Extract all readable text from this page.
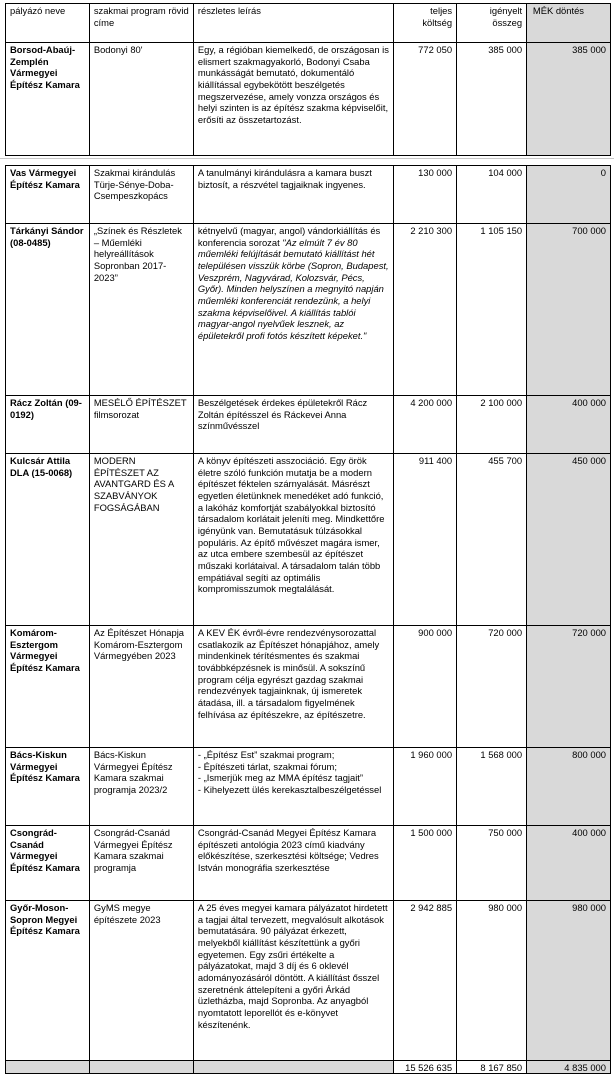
pályázó neve	szakmai program rövid címe	részletes leírás	teljes költség	igényelt összeg	MÉK döntés
Borsod-Abaúj-Zemplén Vármegyei Építész Kamara	Bodonyi 80'	Egy, a régióban kiemelkedő, de országosan is elismert szakmagyakorló, Bodonyi Csaba munkásságát bemutató, dokumentáló kiállítással egybekötött beszélgetés megszervezése, amely vonzza országos és helyi szinten is az építész szakma képviselőit, erősíti az összetartozást.	772 050	385 000	385 000
Vas Vármegyei Építész Kamara	Szakmai kirándulás Türje-Sénye-Doba-Csempeszkopács	A tanulmányi kirándulásra a kamara buszt biztosít, a részvétel tagjaiknak ingyenes.	130 000	104 000	0
Tárkányi Sándor (08-0485)	„Színek és Részletek – Műemléki helyreállítások Sopronban 2017-2023”	kétnyelvű (magyar, angol) vándorkiállítás és konferencia sorozat "Az elmúlt 7 év 80 műemléki felújítását bemutató kiállítást hét településen visszük körbe (Sopron, Budapest, Veszprém, Nagyvárad, Kolozsvár, Pécs, Győr). Minden helyszínen a megnyitó napján műemléki konferenciát rendezünk, a helyi szakma képviselőivel. A kiállítás tablói magyar-angol nyelvűek lesznek, az épületekről profi fotós készített képeket."	2 210 300	1 105 150	700 000
Rácz Zoltán (09-0192)	MESÉLŐ ÉPÍTÉSZET filmsorozat	Beszélgetések érdekes épületekről Rácz Zoltán építésszel és Ráckevei Anna színművésszel	4 200 000	2 100 000	400 000
Kulcsár Attila DLA (15-0068)	MODERN ÉPÍTÉSZET AZ AVANTGARD ÉS A SZABVÁNYOK FOGSÁGÁBAN	A könyv építészeti asszociáció. Egy örök életre szóló funkción mutatja be a modern építészet féktelen szárnyalását. Másrészt egyetlen életünknek menedéket adó funkció, a lakóház komfortját szabályokkal biztosító társadalom korlátait jeleníti meg. Mindkettőre igényünk van. Bemutatásuk túlzásokkal populáris. Az építő művészet magára ismer, az utca embere szembesül az építészet műszaki korlátaival. A társadalom talán több empátiával segíti az optimális kompromisszumok megtalálását.	911 400	455 700	450 000
Komárom-Esztergom Vármegyei Építész Kamara	Az Építészet Hónapja Komárom-Esztergom Vármegyében 2023	A KEV ÉK évről-évre rendezvénysorozattal csatlakozik az Építészet hónapjához, amely mindenkinek térítésmentes és szakmai továbbképzésnek is minősül. A sokszínű program célja egyrészt gazdag szakmai rendezvények tagjainknak, új ismeretek átadása, ill. a társadalom figyelmének felhívása az építészekre, az építészetre.	900 000	720 000	720 000
Bács-Kiskun Vármegyei Építész Kamara	Bács-Kiskun Vármegyei Építész Kamara szakmai programja 2023/2	- „Építész Est” szakmai program;
- Építészeti tárlat, szakmai fórum;
- „Ismerjük meg az MMA építész tagjait”
- Kihelyezett ülés kerekasztalbeszélgetéssel	1 960 000	1 568 000	800 000
Csongrád-Csanád Vármegyei Építész Kamara	Csongrád-Csanád Vármegyei Építész Kamara szakmai programja	Csongrád-Csanád Megyei Építész Kamara építészeti antológia 2023 című kiadvány előkészítése, szerkesztési költsége; Vedres István monográfia szerkesztése	1 500 000	750 000	400 000
Győr-Moson-Sopron Megyei Építész Kamara	GyMS megye építészete 2023	A 25 éves megyei kamara pályázatot hirdetett a tagjai által tervezett, megvalósult alkotások bemutatására. 90 pályázat érkezett, melyekből kiállítást készítettünk a győri egyetemen. Egy zsűri értékelte a pályázatokat, majd 3 díj és 6 oklevél adományozásáról döntött. A kiállítást ősszel szeretnénk áttelepíteni a győri Árkád üzletházba, majd Sopronba. Az anyagból nyomtatott leporellót és e-könyvet készítenénk.	2 942 885	980 000	980 000
			15 526 635	8 167 850	4 835 000
